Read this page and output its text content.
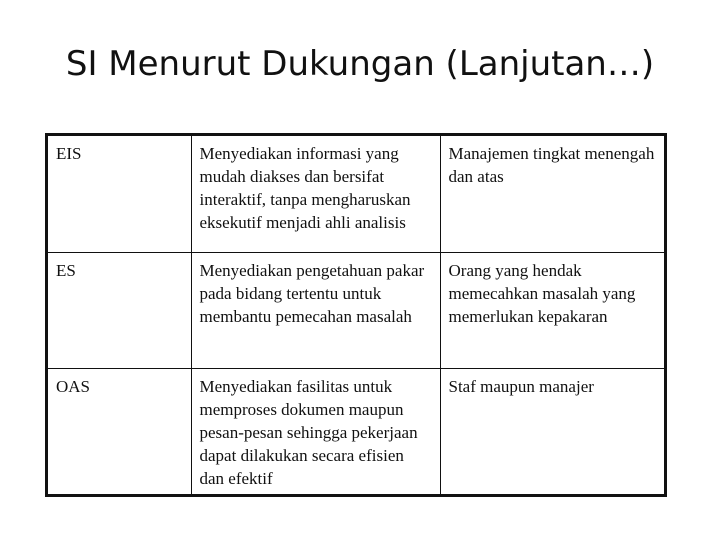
SI Menurut Dukungan (Lanjutan…)
EIS	Menyediakan informasi yang mudah diakses dan bersifat interaktif, tanpa mengharuskan eksekutif menjadi ahli analisis	Manajemen tingkat menengah dan atas
ES	Menyediakan pengetahuan pakar pada bidang tertentu untuk membantu pemecahan masalah	Orang yang hendak memecahkan masalah yang memerlukan kepakaran
OAS	Menyediakan fasilitas untuk memproses dokumen maupun pesan-pesan sehingga pekerjaan dapat dilakukan secara efisien dan efektif	Staf maupun manajer
